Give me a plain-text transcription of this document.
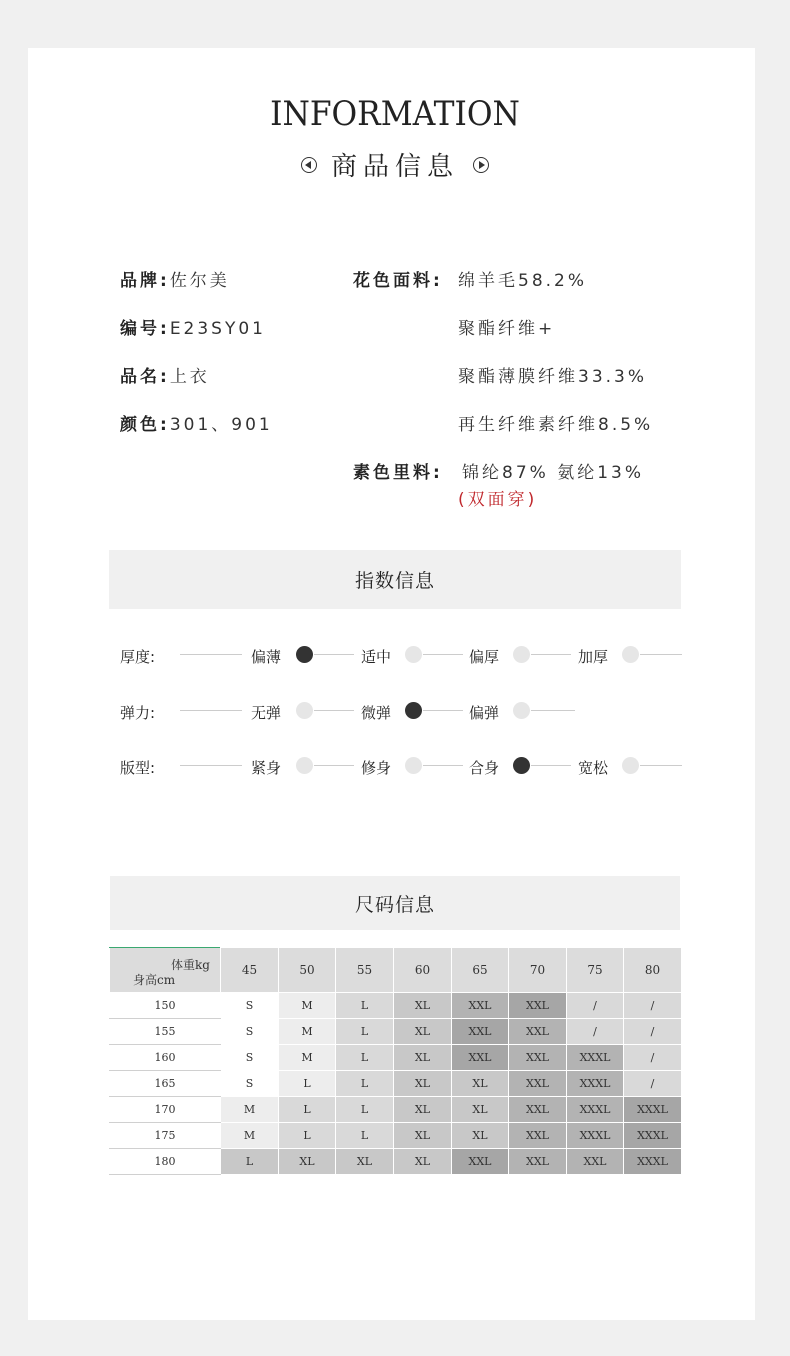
INFORMATION
商品信息
品牌:佐尔美
编号:E23SY01
品名:上衣
颜色:301、901
花色面料: 绵羊毛58.2%
聚酯纤维+
聚酯薄膜纤维33.3%
再生纤维素纤维8.5%
素色里料: 锦纶87% 氨纶13%
(双面穿)
指数信息
厚度:	偏薄	适中	偏厚	加厚
弹力:	无弹	微弹	偏弹
版型:	紧身	修身	合身	宽松
尺码信息
体重kg
身高cm	45	50	55	60	65	70	75	80
150	S	M	L	XL	XXL	XXL	/	/
155	S	M	L	XL	XXL	XXL	/	/
160	S	M	L	XL	XXL	XXL	XXXL	/
165	S	L	L	XL	XL	XXL	XXXL	/
170	M	L	L	XL	XL	XXL	XXXL	XXXL
175	M	L	L	XL	XL	XXL	XXXL	XXXL
180	L	XL	XL	XL	XXL	XXL	XXL	XXXL
